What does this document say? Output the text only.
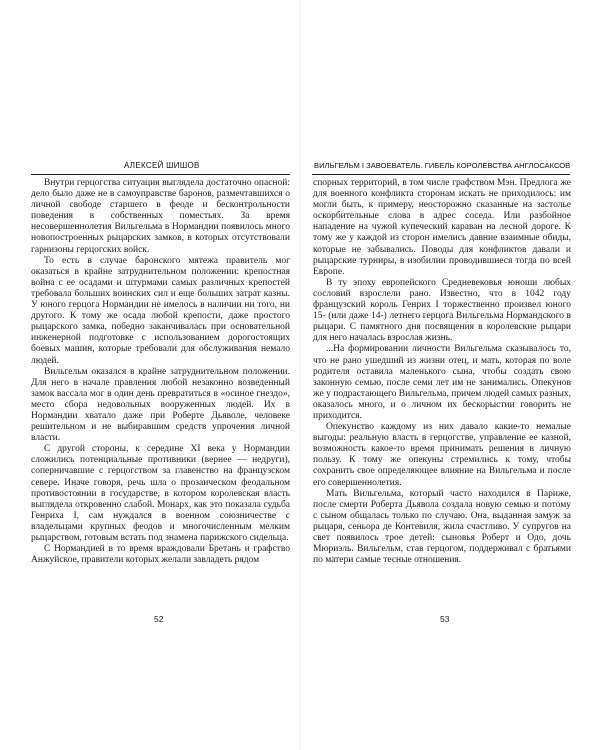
АЛЕКСЕЙ ШИШОВ

Внутри герцогства ситуация выглядела достаточно опасной: дело было даже не в самоуправстве баронов, размечтавшихся о личной свободе старшего в феоде и бесконтрольности поведения в собственных поместьях. За время несовершеннолетия Вильгельма в Нормандии появилось много новопостроенных рыцарских замков, в которых отсутствовали гарнизоны герцогских войск.

То есть в случае баронского мятежа правитель мог оказаться в крайне затруднительном положении: крепостная война с ее осадами и штурмами самых различных крепостей требовала больших воинских сил и еще больших затрат казны. У юного герцога Нормандии не имелось в наличии ни того, ни другого. К тому же осада любой крепости, даже простого рыцарского замка, победно заканчивалась при основательной инженерной подготовке с использованием дорогостоящих боевых машин, которые требовали для обслуживания немало людей.

Вильгельм оказался в крайне затруднительном положении. Для него в начале правления любой незаконно возведенный замок вассала мог в один день превратиться в «осиное гнездо», место сбора недовольных вооруженных людей. Их в Нормандии хватало даже при Роберте Дьяволе, человеке решительном и не выбиравшим средств упрочения личной власти.

С другой стороны, к середине XI века у Нормандии сложились потенциальные противники (вернее — недруги), соперничавшие с герцогством за главенство на французском севере. Иначе говоря, речь шла о прозаическом феодальном противостоянии в государстве, в котором королевская власть выглядела откровенно слабой. Монарх, как это показала судьба Генриха I, сам нуждался в военном союзничестве с владельцами крупных феодов и многочисленным мелким рыцарством, готовым встать под знамена парижского сидельца.

С Нормандией в то время враждовали Бретань и графство Анжуйское, правители которых желали завладеть рядом

52
ВИЛЬГЕЛЬМ I ЗАВОЕВАТЕЛЬ. ГИБЕЛЬ КОРОЛЕВСТВА АНГЛОСАКСОВ

спорных территорий, в том числе графством Мэн. Предлога же для военного конфликта сторонам искать не приходилось: им могли быть, к примеру, неосторожно сказанные на застолье оскорбительные слова в адрес соседа. Или разбойное нападение на чужой купеческий караван на лесной дороге. К тому же у каждой из сторон имелись давние взаимные обиды, которые не забывались. Поводы для конфликтов давали и рыцарские турниры, в изобилии проводившиеся тогда по всей Европе.

В ту эпоху европейского Средневековья юноши любых сословий взрослели рано. Известно, что в 1042 году французский король Генрих I торжественно произвел юного 15- (или даже 14-) летнего герцога Вильгельма Нормандского в рыцари. С памятного дня посвящения в королевские рыцари для него началась взрослая жизнь.

...На формировании личности Вильгельма сказывалось то, что не рано ушедший из жизни отец, и мать, которая по воле родителя оставила маленького сына, чтобы создать свою законную семью, после семи лет им не занимались. Опекунов же у подрастающего Вильгельма, причем людей самых разных, оказалось много, и о личном их бескорыстии говорить не приходится.

Опекунство каждому из них давало какие-то немалые выгоды: реальную власть в герцогстве, управление ее казной, возможность какое-то время принимать решения в личную пользу. К тому же опекуны стремились к тому, чтобы сохранить свое определяющее влияние на Вильгельма и после его совершеннолетия.

Мать Вильгельма, который часто находился в Париже, после смерти Роберта Дьявола создала новую семью и потому с сыном общалась только по случаю. Она, выданная замуж за рыцаря, сеньора де Контевиля, жила счастливо. У супругов на свет появилось трое детей: сыновья Роберт и Одо, дочь Мюриэль. Вильгельм, став герцогом, поддерживал с братьями по матери самые тесные отношения.

53
